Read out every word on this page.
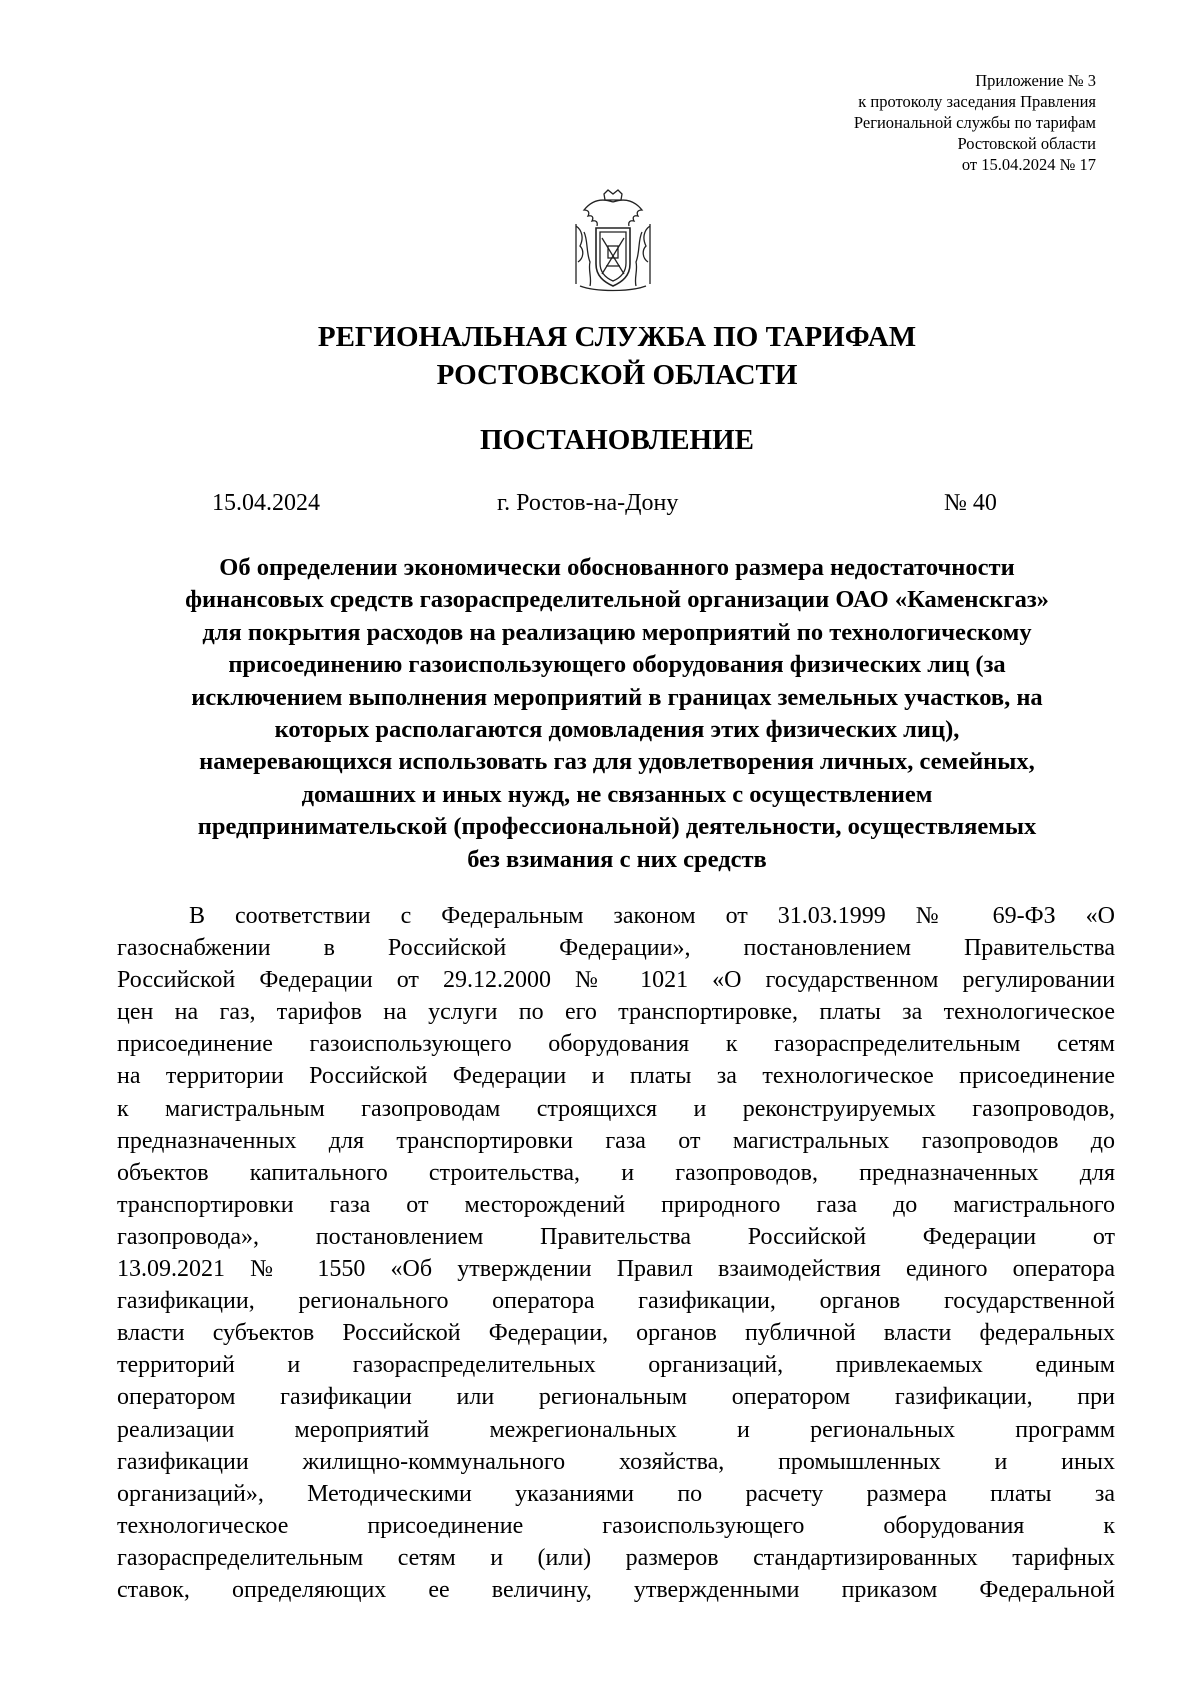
Приложение № 3
к протоколу заседания Правления
Региональной службы по тарифам
Ростовской области
от 15.04.2024 № 17
РЕГИОНАЛЬНАЯ СЛУЖБА ПО ТАРИФАМ
РОСТОВСКОЙ ОБЛАСТИ
ПОСТАНОВЛЕНИЕ
15.04.2024	г. Ростов-на-Дону	№ 40
Об определении экономически обоснованного размера недостаточности
финансовых средств газораспределительной организации ОАО «Каменскгаз»
для покрытия расходов на реализацию мероприятий по технологическому
присоединению газоиспользующего оборудования физических лиц (за
исключением выполнения мероприятий в границах земельных участков, на
которых располагаются домовладения этих физических лиц),
намеревающихся использовать газ для удовлетворения личных, семейных,
домашних и иных нужд, не связанных с осуществлением
предпринимательской (профессиональной) деятельности, осуществляемых
без взимания с них средств
В соответствии с Федеральным законом от 31.03.1999 № 69-ФЗ «О
газоснабжении в Российской Федерации», постановлением Правительства
Российской Федерации от 29.12.2000 № 1021 «О государственном регулировании
цен на газ, тарифов на услуги по его транспортировке, платы за технологическое
присоединение газоиспользующего оборудования к газораспределительным сетям
на территории Российской Федерации и платы за технологическое присоединение
к магистральным газопроводам строящихся и реконструируемых газопроводов,
предназначенных для транспортировки газа от магистральных газопроводов до
объектов капитального строительства, и газопроводов, предназначенных для
транспортировки газа от месторождений природного газа до магистрального
газопровода», постановлением Правительства Российской Федерации от
13.09.2021 № 1550 «Об утверждении Правил взаимодействия единого оператора
газификации, регионального оператора газификации, органов государственной
власти субъектов Российской Федерации, органов публичной власти федеральных
территорий и газораспределительных организаций, привлекаемых единым
оператором газификации или региональным оператором газификации, при
реализации мероприятий межрегиональных и региональных программ
газификации жилищно-коммунального хозяйства, промышленных и иных
организаций», Методическими указаниями по расчету размера платы за
технологическое присоединение газоиспользующего оборудования к
газораспределительным сетям и (или) размеров стандартизированных тарифных
ставок, определяющих ее величину, утвержденными приказом Федеральной
